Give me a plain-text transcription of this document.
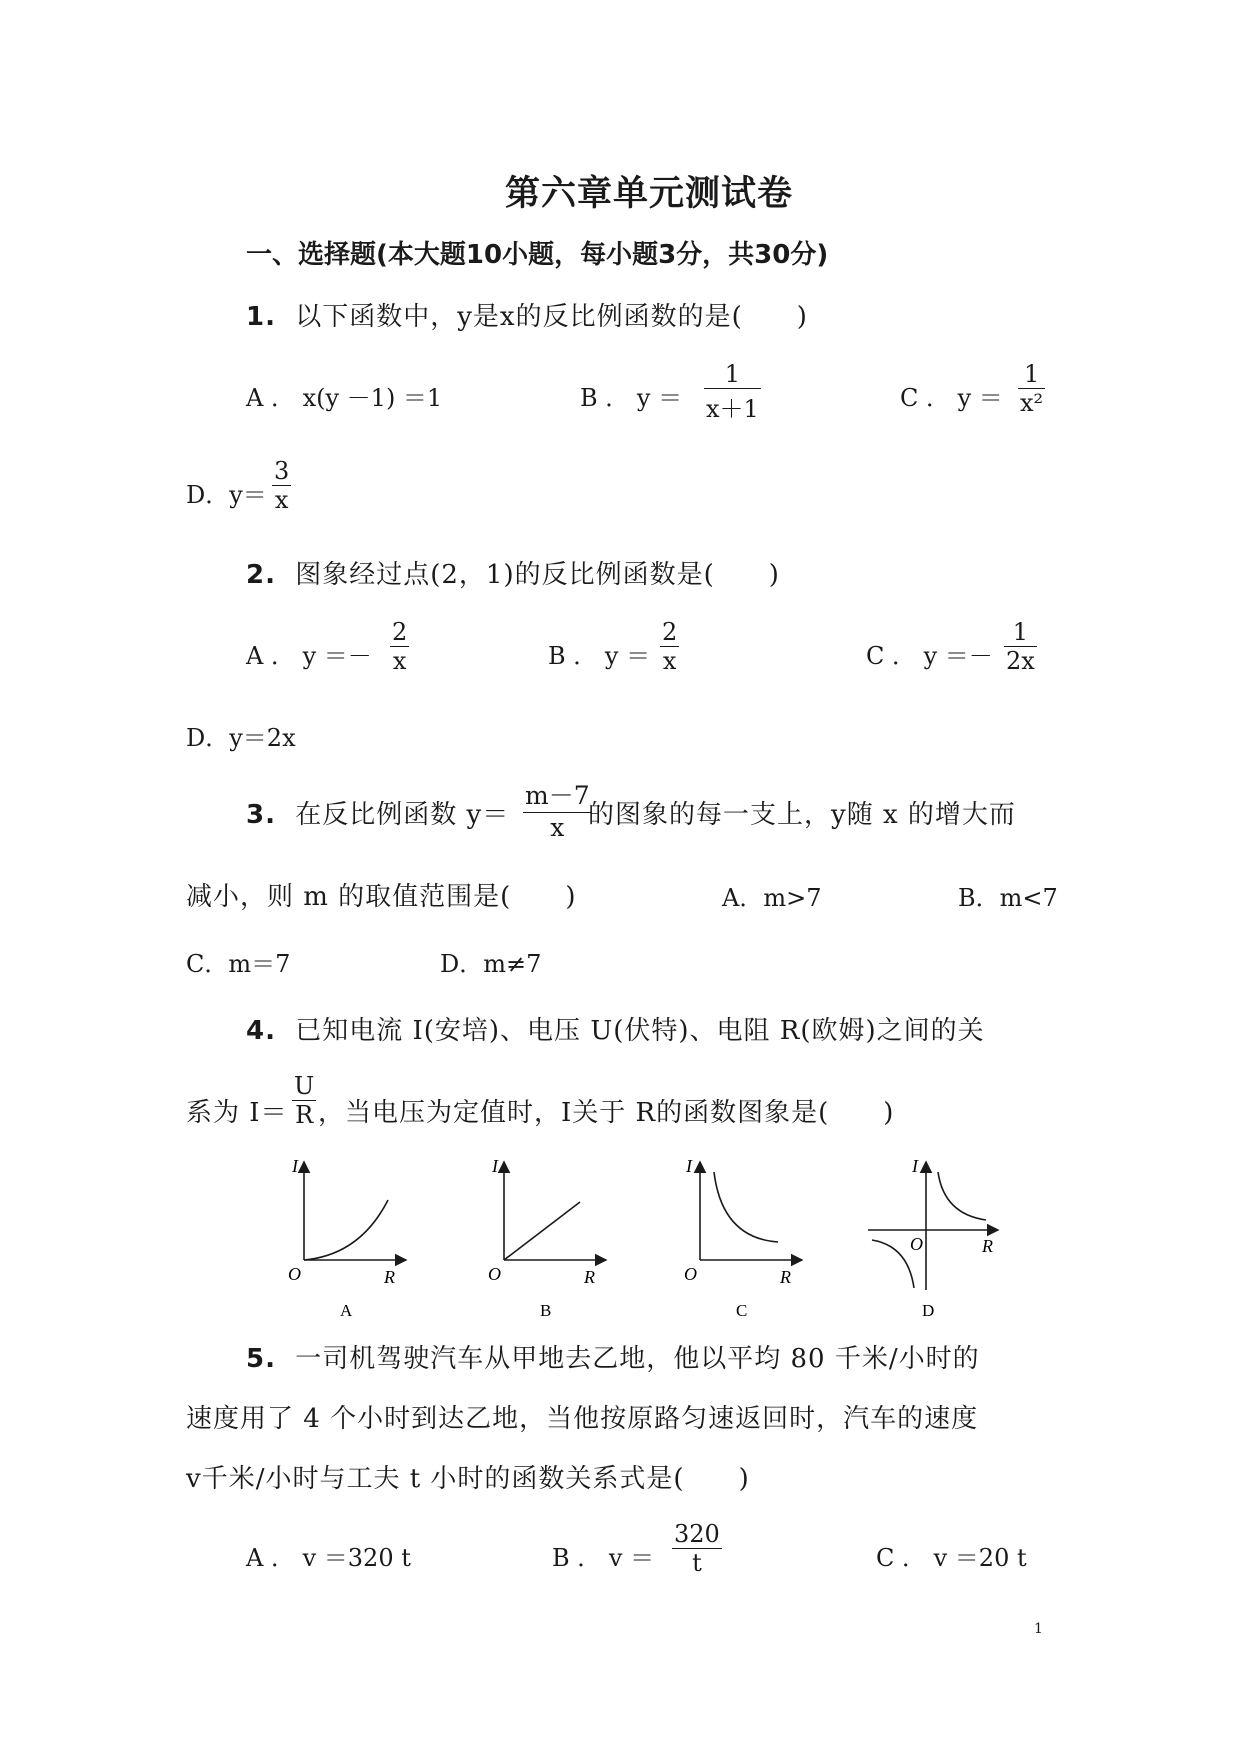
第六章单元测试卷
一、选择题(本大题10小题，每小题3分，共30分)
1. 以下函数中，y是x的反比例函数的是(　　)
A ． x(y －1) ＝1	B ． $y = \frac{1}{x+1}$	C ． $y = \frac{1}{\text{x²}}$
D．$y= \frac{3}{x}$
2. 图象经过点(2，1)的反比例函数是(　　)
A ． $y =- \frac{2}{x}$	B ． $y = \frac{2}{x}$	C ． $y =- \frac{1}{2x}$
D．y＝2x
3. 在反比例函数 $y= \frac{m-7}{x}$
的图象的每一支上，y随 x 的增大而
减小，则 m 的取值范围是(　　)	A．m>7	B．m<7
C．m＝7	D．m≠7
4. 已知电流 I(安培)、电压 U(伏特)、电阻 R(欧姆)之间的关
系为 $I= \frac{U}{R}$ ，当电压为定值时，I关于 R的函数图象是(　　)
I
O	R
A
I
O	R
B
I
O	R
C
I
O	R
D
5. 一司机驾驶汽车从甲地去乙地，他以平均 80 千米/小时的
速度用了 4 个小时到达乙地，当他按原路匀速返回时，汽车的速度
v千米/小时与工夫 t 小时的函数关系式是(　　)
A ． v ＝320 t	B ． $v = \frac{320}{t}$	C ． v ＝20 t
1
